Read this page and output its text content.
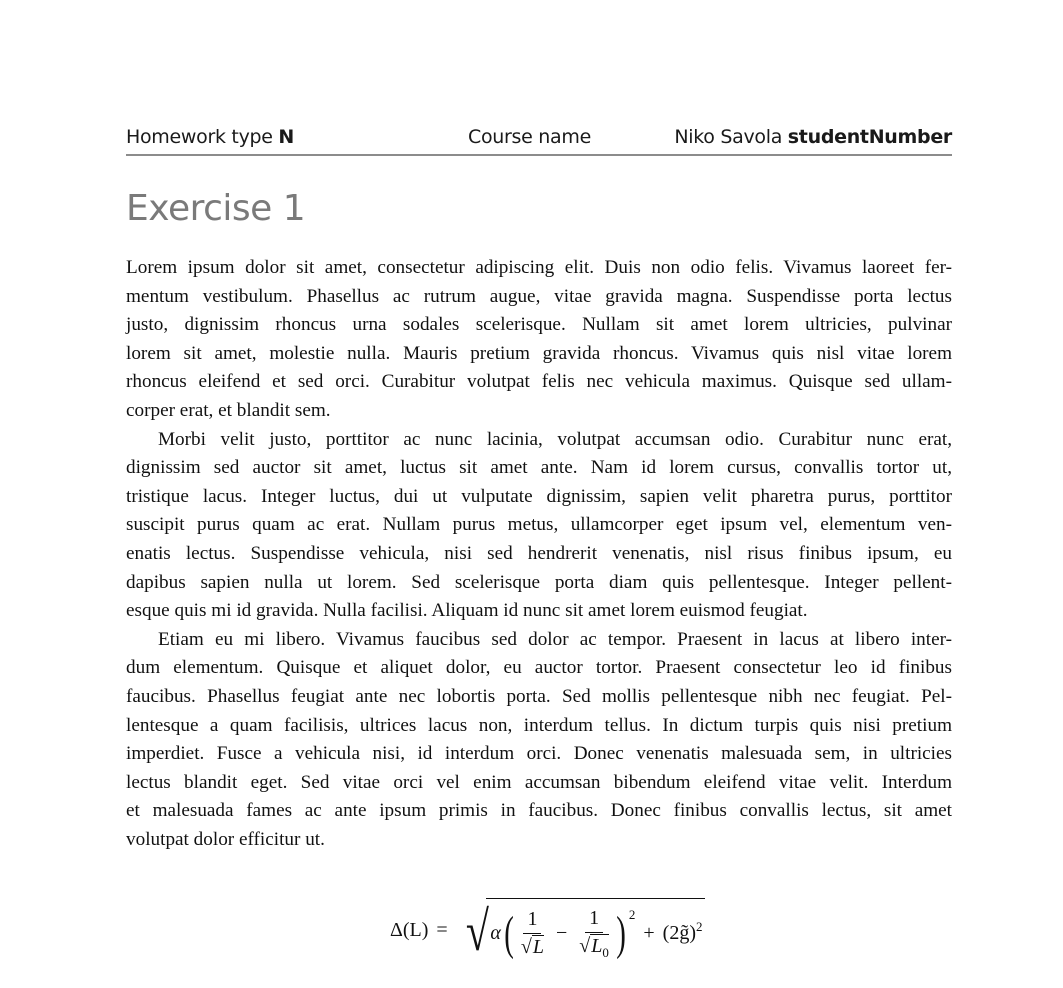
Homework type N	Course name	Niko Savola studentNumber
Exercise 1
Lorem ipsum dolor sit amet, consectetur adipiscing elit. Duis non odio felis. Vivamus laoreet fer-
mentum vestibulum. Phasellus ac rutrum augue, vitae gravida magna. Suspendisse porta lectus
justo, dignissim rhoncus urna sodales scelerisque. Nullam sit amet lorem ultricies, pulvinar
lorem sit amet, molestie nulla. Mauris pretium gravida rhoncus. Vivamus quis nisl vitae lorem
rhoncus eleifend et sed orci. Curabitur volutpat felis nec vehicula maximus. Quisque sed ullam-
corper erat, et blandit sem.
Morbi velit justo, porttitor ac nunc lacinia, volutpat accumsan odio. Curabitur nunc erat,
dignissim sed auctor sit amet, luctus sit amet ante. Nam id lorem cursus, convallis tortor ut,
tristique lacus. Integer luctus, dui ut vulputate dignissim, sapien velit pharetra purus, porttitor
suscipit purus quam ac erat. Nullam purus metus, ullamcorper eget ipsum vel, elementum ven-
enatis lectus. Suspendisse vehicula, nisi sed hendrerit venenatis, nisl risus finibus ipsum, eu
dapibus sapien nulla ut lorem. Sed scelerisque porta diam quis pellentesque. Integer pellent-
esque quis mi id gravida. Nulla facilisi. Aliquam id nunc sit amet lorem euismod feugiat.
Etiam eu mi libero. Vivamus faucibus sed dolor ac tempor. Praesent in lacus at libero inter-
dum elementum. Quisque et aliquet dolor, eu auctor tortor. Praesent consectetur leo id finibus
faucibus. Phasellus feugiat ante nec lobortis porta. Sed mollis pellentesque nibh nec feugiat. Pel-
lentesque a quam facilisis, ultrices lacus non, interdum tellus. In dictum turpis quis nisi pretium
imperdiet. Fusce a vehicula nisi, id interdum orci. Donec venenatis malesuada sem, in ultricies
lectus blandit eget. Sed vitae orci vel enim accumsan bibendum eleifend vitae velit. Interdum
et malesuada fames ac ante ipsum primis in faucibus. Donec finibus convallis lectus, sit amet
volutpat dolor efficitur ut.
Δ(L) = √ α ( $\frac{1}{√L} - \frac{1}{√L_0} )^2$
+ (2g̃)$^2$
